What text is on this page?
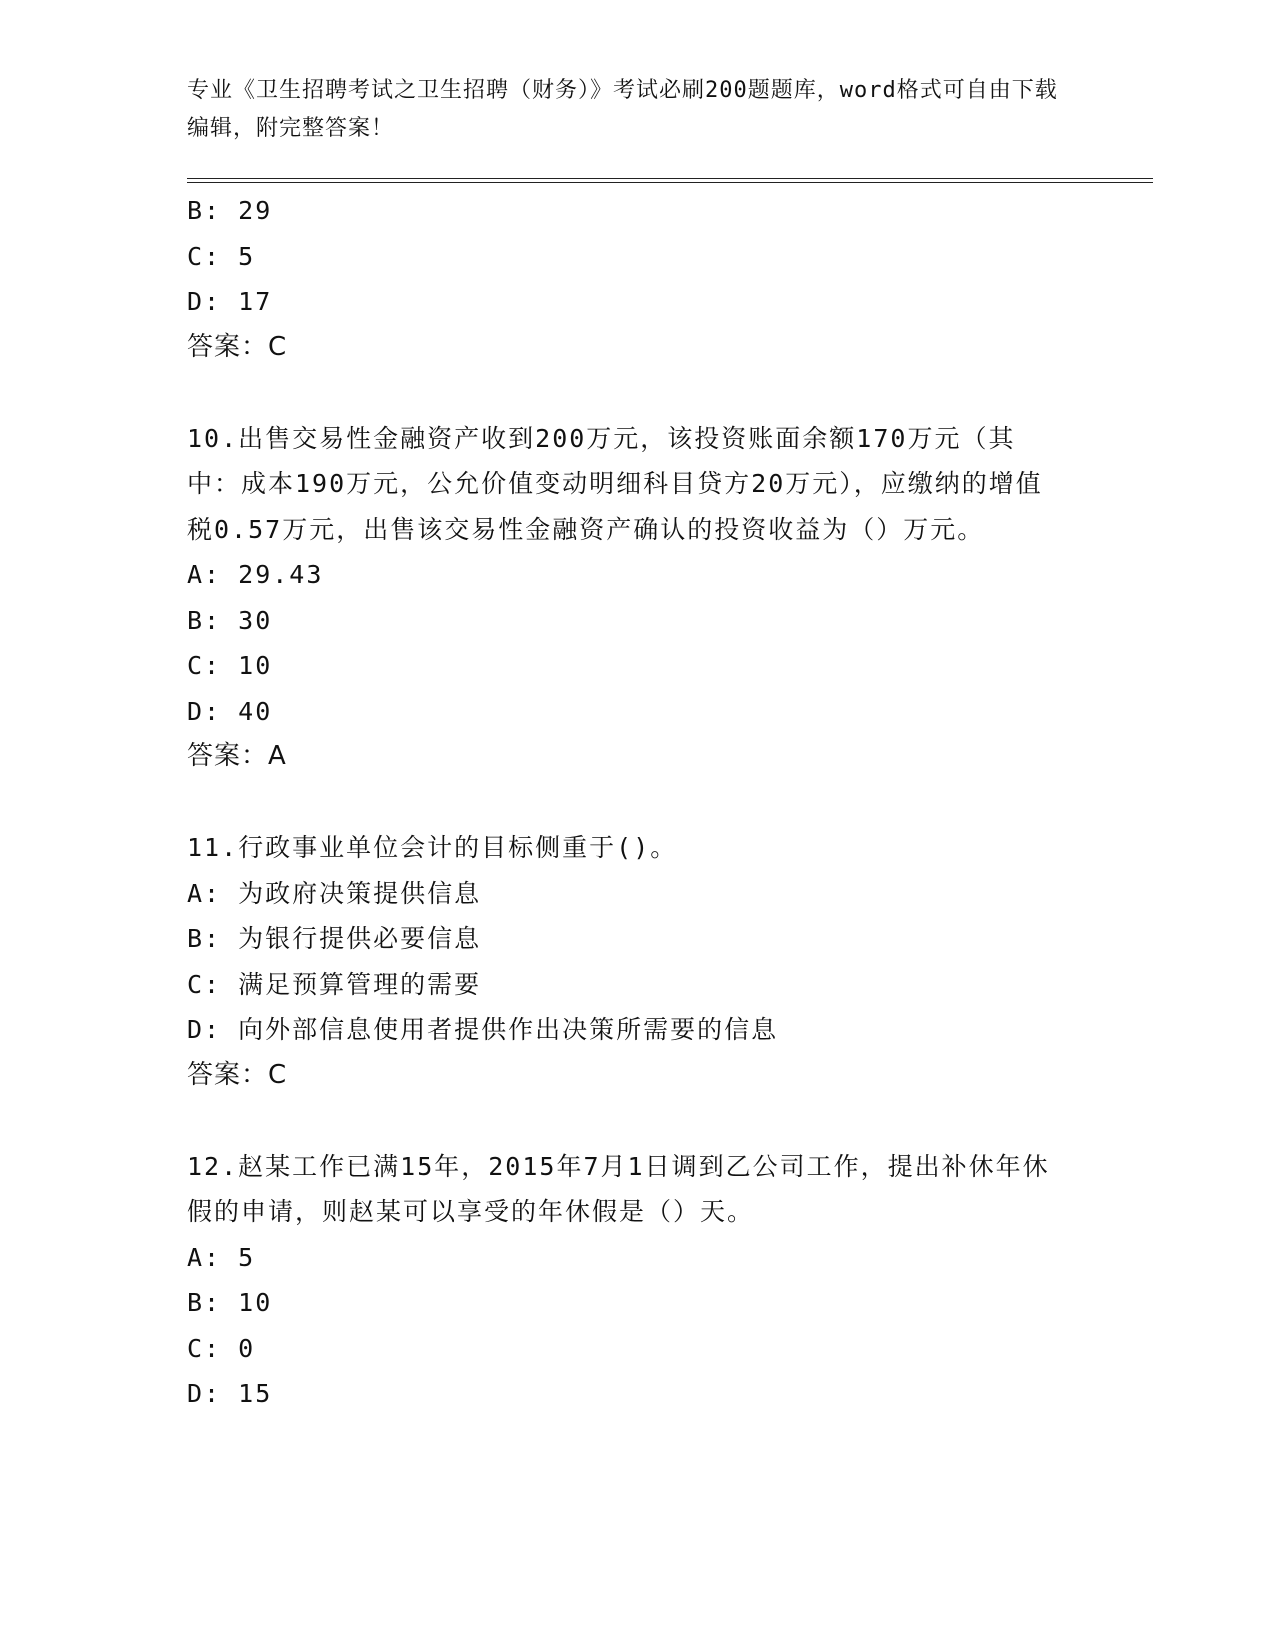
专业《卫生招聘考试之卫生招聘（财务）》考试必刷200题题库，word格式可自由下载编辑，附完整答案！
B: 29
C: 5
D: 17
答案：C
10.出售交易性金融资产收到200万元，该投资账面余额170万元（其中：成本190万元，公允价值变动明细科目贷方20万元），应缴纳的增值税0.57万元，出售该交易性金融资产确认的投资收益为（）万元。
A: 29.43
B: 30
C: 10
D: 40
答案：A
11.行政事业单位会计的目标侧重于()。
A: 为政府决策提供信息
B: 为银行提供必要信息
C: 满足预算管理的需要
D: 向外部信息使用者提供作出决策所需要的信息
答案：C
12.赵某工作已满15年，2015年7月1日调到乙公司工作，提出补休年休假的申请，则赵某可以享受的年休假是（）天。
A: 5
B: 10
C: 0
D: 15
